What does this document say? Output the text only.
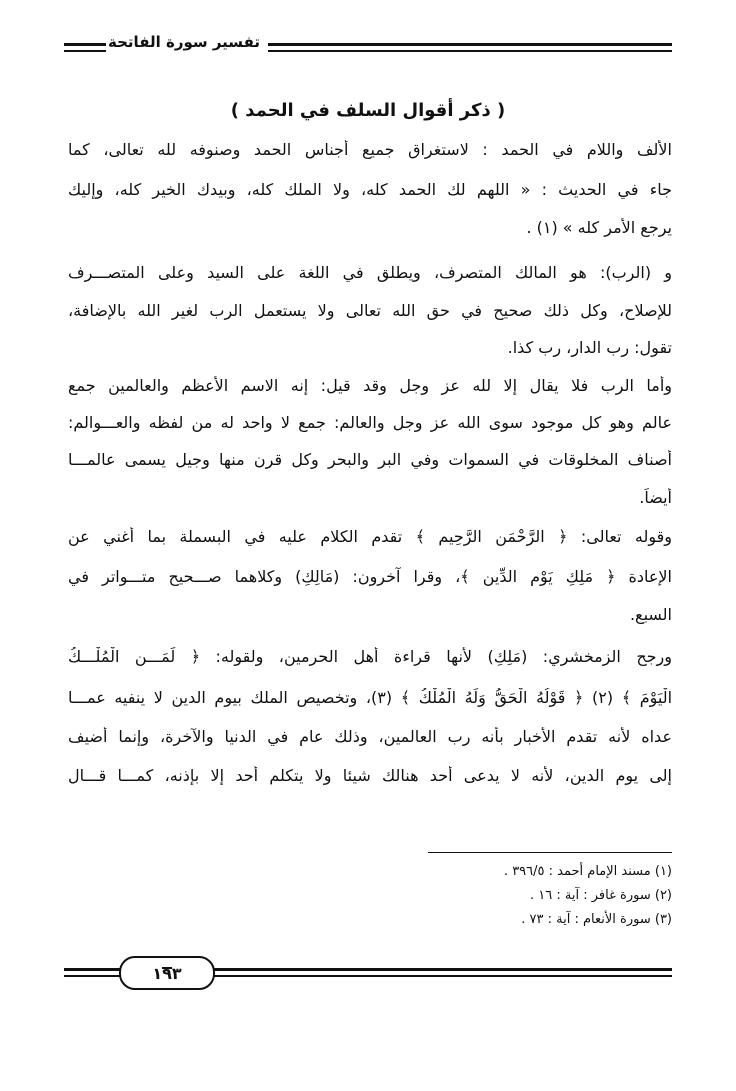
تفسير سورة الفاتحة
( ذكر أقوال السلف في الحمد )
الألف واللام في الحمد : لاستغراق جميع أجناس الحمد وصنوفه لله تعالى، كما
جاء في الحديث : « اللهم لك الحمد كله، ولا الملك كله، وبيدك الخير كله، وإليك
يرجع الأمر كله » (١) .
و (الرب): هو المالك المتصرف، ويطلق في اللغة على السيد وعلى المتصـــرف
للإصلاح، وكل ذلك صحيح في حق الله تعالى ولا يستعمل الرب لغير الله بالإضافة،
تقول: رب الدار، رب كذا.
وأما الرب فلا يقال إلا لله عز وجل وقد قيل: إنه الاسم الأعظم والعالمين جمع
عالم وهو كل موجود سوى الله عز وجل والعالم: جمع لا واحد له من لفظه والعـــوالم:
أصناف المخلوقات في السموات وفي البر والبحر وكل قرن منها وجيل يسمى عالمـــا
أيضاً.
وقوله تعالى: ﴿ الرَّحْمَنِ الرَّحِيمِ ﴾ تقدم الكلام عليه في البسملة بما أغني عن
الإعادة ﴿ مَلِكِ يَوْمِ الدِّينِ ﴾، وقرا آخرون: (مَالِكِ) وكلاهما صـــحيح متـــواتر في
السبع.
ورجح الزمخشري: (مَلِكِ) لأنها قراءة أهل الحرمين، ولقوله: ﴿ لِّمَـــنِ الْمُلْـــكُ
الْيَوْمَ ﴾ (٢) ﴿ قَوْلُهُ الْحَقُّ وَلَهُ الْمُلْكُ ﴾ (٣)، وتخصيص الملك بيوم الدين لا ينفيه عمـــا
عداه لأنه تقدم الأخبار بأنه رب العالمين، وذلك عام في الدنيا والآخرة، وإنما أضيف
إلى يوم الدين، لأنه لا يدعى أحد هنالك شيئا ولا يتكلم أحد إلا بإذنه، كمـــا قـــال
(١) مسند الإمام أحمد : ٣٩٦/٥ .
(٢) سورة غافر : آية : ١٦ .
(٣) سورة الأنعام : آية : ٧٣ .
١٩٣
